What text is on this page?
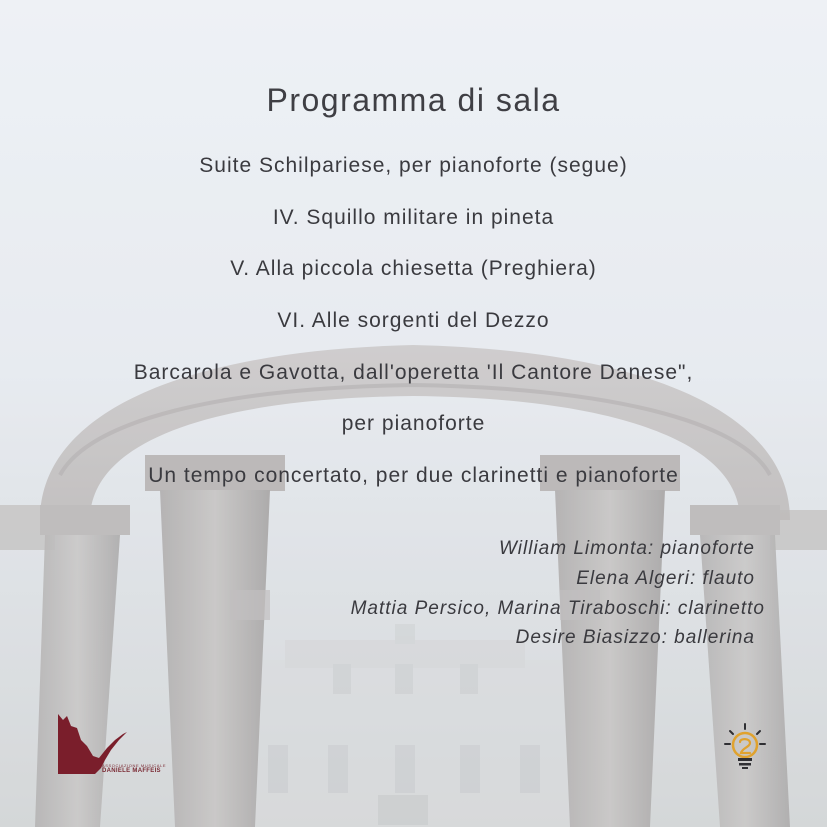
Programma di sala
Suite Schilpariese, per pianoforte (segue)
IV. Squillo militare in pineta
V. Alla piccola chiesetta (Preghiera)
VI. Alle sorgenti del Dezzo
Barcarola e Gavotta, dall'operetta 'Il Cantore Danese",
per pianoforte
Un tempo concertato, per due clarinetti e pianoforte
William Limonta: pianoforte
Elena Algeri: flauto
Mattia Persico, Marina Tiraboschi: clarinetto
Desire Biasizzo: ballerina
ASSOCIAZIONE MUSICALE
DANIELE MAFFEIS
